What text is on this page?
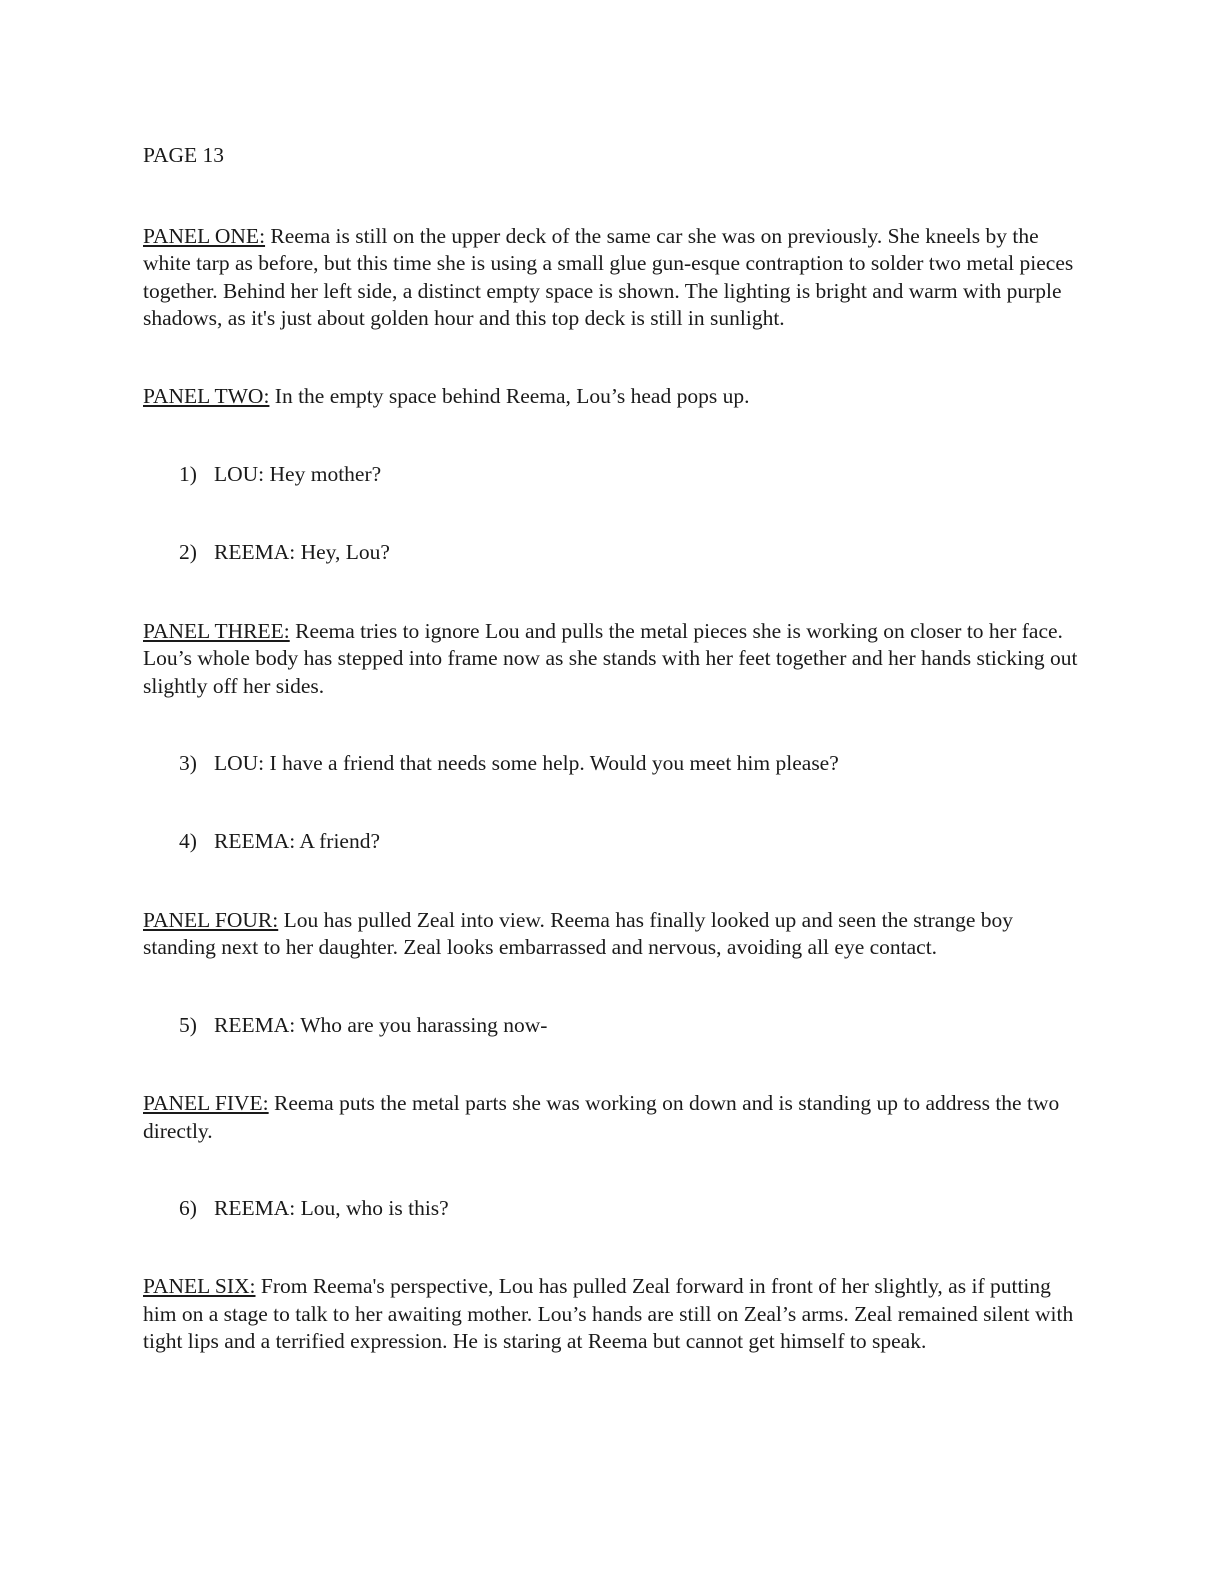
PAGE 13

PANEL ONE: Reema is still on the upper deck of the same car she was on previously. She kneels by the white tarp as before, but this time she is using a small glue gun-esque contraption to solder two metal pieces together. Behind her left side, a distinct empty space is shown. The lighting is bright and warm with purple shadows, as it's just about golden hour and this top deck is still in sunlight.

PANEL TWO: In the empty space behind Reema, Lou’s head pops up.

1) LOU: Hey mother?

2) REEMA: Hey, Lou?

PANEL THREE: Reema tries to ignore Lou and pulls the metal pieces she is working on closer to her face. Lou’s whole body has stepped into frame now as she stands with her feet together and her hands sticking out slightly off her sides.

3) LOU: I have a friend that needs some help. Would you meet him please?

4) REEMA: A friend?

PANEL FOUR: Lou has pulled Zeal into view. Reema has finally looked up and seen the strange boy standing next to her daughter. Zeal looks embarrassed and nervous, avoiding all eye contact.

5) REEMA: Who are you harassing now-

PANEL FIVE: Reema puts the metal parts she was working on down and is standing up to address the two directly.

6) REEMA: Lou, who is this?

PANEL SIX: From Reema's perspective, Lou has pulled Zeal forward in front of her slightly, as if putting him on a stage to talk to her awaiting mother. Lou’s hands are still on Zeal’s arms. Zeal remained silent with tight lips and a terrified expression. He is staring at Reema but cannot get himself to speak.
